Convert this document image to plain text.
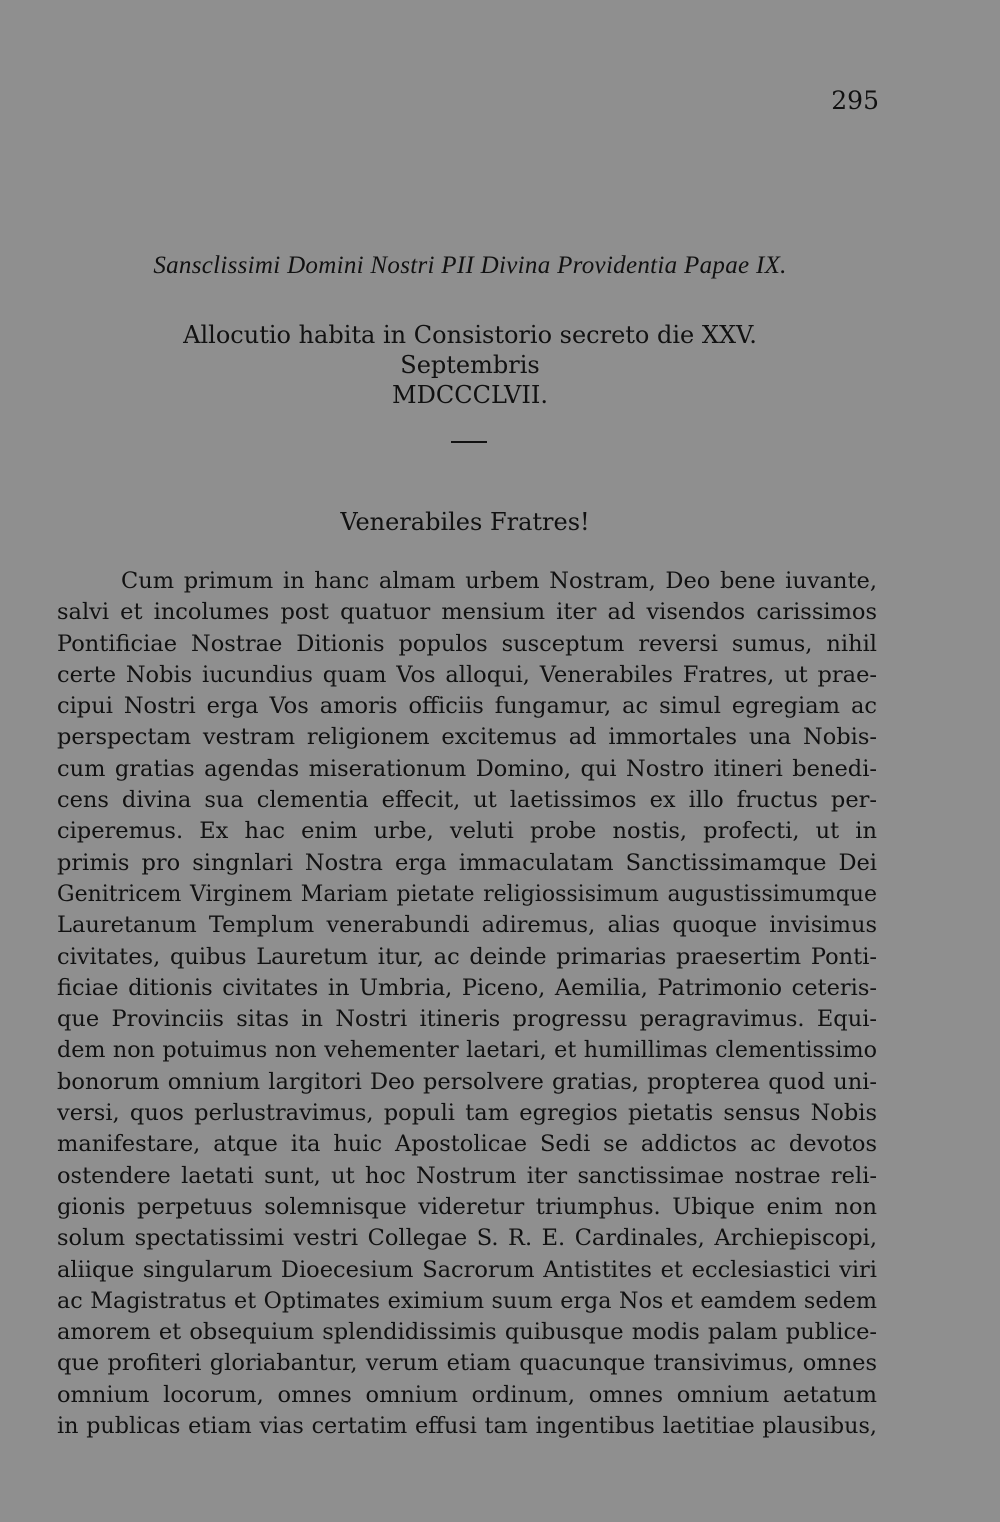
295
Sansclissimi Domini Nostri PII Divina Providentia Papae IX.
Allocutio habita in Consistorio secreto die XXV. Septembris
MDCCCLVII.
Venerabiles Fratres!
Cum primum in hanc almam urbem Nostram, Deo bene iuvante,
salvi et incolumes post quatuor mensium iter ad visendos carissimos
Pontificiae Nostrae Ditionis populos susceptum reversi sumus, nihil
certe Nobis iucundius quam Vos alloqui, Venerabiles Fratres, ut prae-
cipui Nostri erga Vos amoris officiis fungamur, ac simul egregiam ac
perspectam vestram religionem excitemus ad immortales una Nobis-
cum gratias agendas miserationum Domino, qui Nostro itineri benedi-
cens divina sua clementia effecit, ut laetissimos ex illo fructus per-
ciperemus. Ex hac enim urbe, veluti probe nostis, profecti, ut in
primis pro singnlari Nostra erga immaculatam Sanctissimamque Dei
Genitricem Virginem Mariam pietate religiossisimum augustissimumque
Lauretanum Templum venerabundi adiremus, alias quoque invisimus
civitates, quibus Lauretum itur, ac deinde primarias praesertim Ponti-
ficiae ditionis civitates in Umbria, Piceno, Aemilia, Patrimonio ceteris-
que Provinciis sitas in Nostri itineris progressu peragravimus. Equi-
dem non potuimus non vehementer laetari, et humillimas clementissimo
bonorum omnium largitori Deo persolvere gratias, propterea quod uni-
versi, quos perlustravimus, populi tam egregios pietatis sensus Nobis
manifestare, atque ita huic Apostolicae Sedi se addictos ac devotos
ostendere laetati sunt, ut hoc Nostrum iter sanctissimae nostrae reli-
gionis perpetuus solemnisque videretur triumphus. Ubique enim non
solum spectatissimi vestri Collegae S. R. E. Cardinales, Archiepiscopi,
aliique singularum Dioecesium Sacrorum Antistites et ecclesiastici viri
ac Magistratus et Optimates eximium suum erga Nos et eamdem sedem
amorem et obsequium splendidissimis quibusque modis palam publice-
que profiteri gloriabantur, verum etiam quacunque transivimus, omnes
omnium locorum, omnes omnium ordinum, omnes omnium aetatum
in publicas etiam vias certatim effusi tam ingentibus laetitiae plausibus,
